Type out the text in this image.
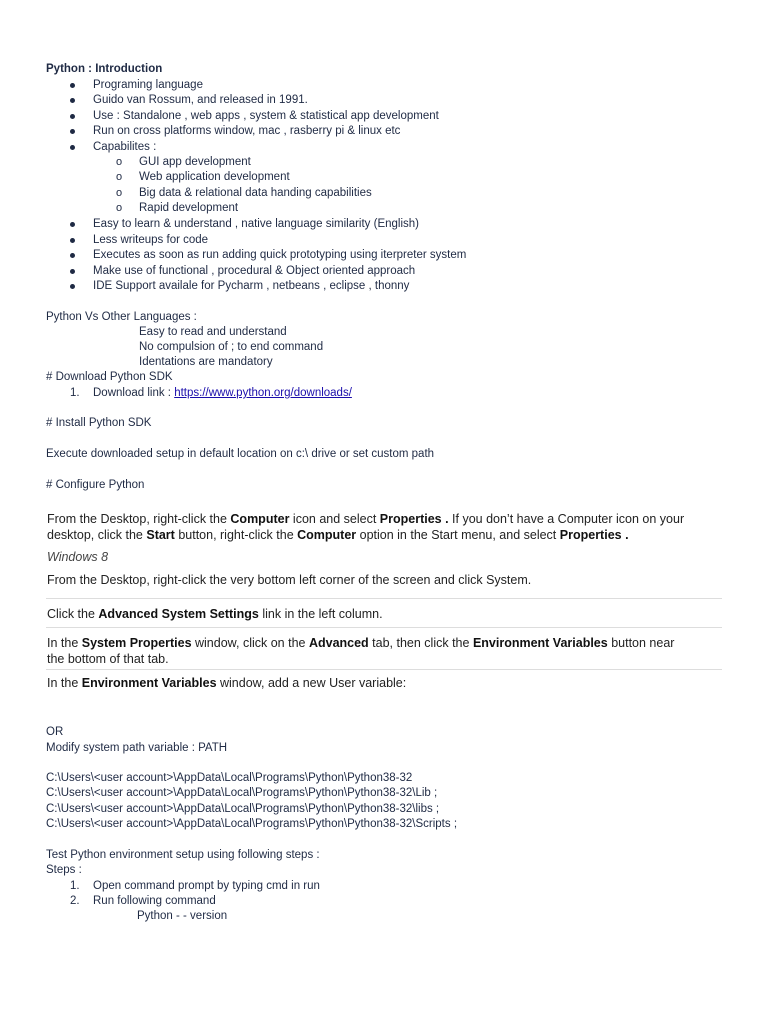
Python : Introduction
Programing language
Guido van Rossum, and released in 1991.
Use : Standalone , web apps , system & statistical app development
Run on cross platforms window, mac , rasberry pi & linux etc
Capabilites :
o GUI app development
o Web application development
o Big data & relational data handing capabilities
o Rapid development
Easy to learn & understand , native language similarity (English)
Less writeups for code
Executes as soon as run adding quick prototyping using iterpreter system
Make use of functional , procedural & Object oriented approach
IDE Support availale for Pycharm , netbeans , eclipse , thonny
Python Vs Other Languages :
Easy to read and understand
No compulsion of ; to end command
Identations are mandatory
# Download Python SDK
1. Download link : https://www.python.org/downloads/
# Install Python SDK
Execute downloaded setup in default location on c:\ drive or set custom path
# Configure Python
From the Desktop, right-click the Computer icon and select Properties . If you don’t have a Computer icon on your
desktop, click the Start button, right-click the Computer option in the Start menu, and select Properties .
Windows 8
From the Desktop, right-click the very bottom left corner of the screen and click System.
Click the Advanced System Settings link in the left column.
In the System Properties window, click on the Advanced tab, then click the Environment Variables button near
the bottom of that tab.
In the Environment Variables window, add a new User variable:
OR
Modify system path variable : PATH
C:\Users\<user account>\AppData\Local\Programs\Python\Python38-32
C:\Users\<user account>\AppData\Local\Programs\Python\Python38-32\Lib ;
C:\Users\<user account>\AppData\Local\Programs\Python\Python38-32\libs ;
C:\Users\<user account>\AppData\Local\Programs\Python\Python38-32\Scripts ;
Test Python environment setup using following steps :
Steps :
1. Open command prompt by typing cmd in run
2. Run following command
Python - - version
